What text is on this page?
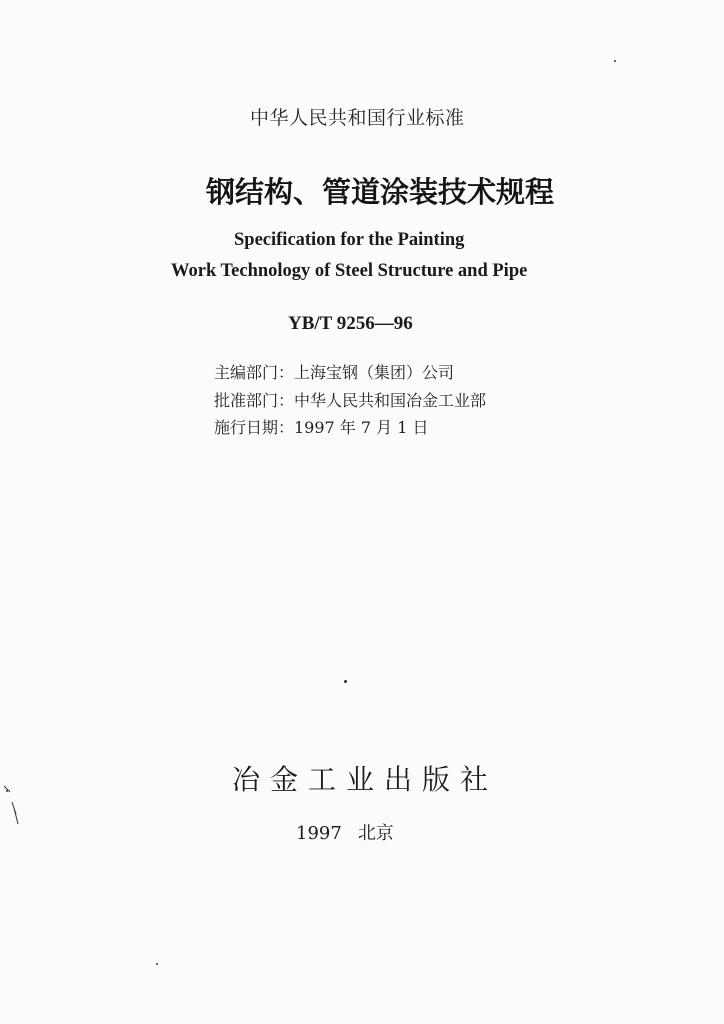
中华人民共和国行业标准
钢结构、管道涂装技术规程
Specification for the Painting
Work Technology of Steel Structure and Pipe
YB/T 9256—96
主编部门：上海宝钢（集团）公司
批准部门：中华人民共和国冶金工业部
施行日期：1997 年 7 月 1 日
冶金工业出版社
1997 北京
